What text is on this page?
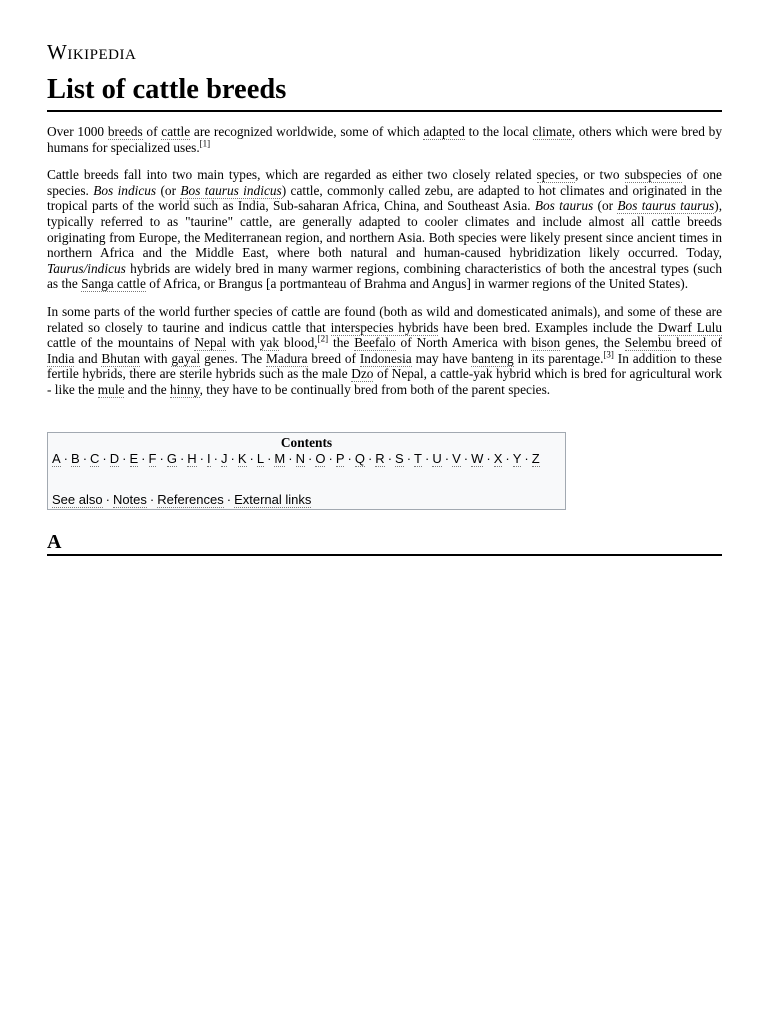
Wikipedia
List of cattle breeds

Over 1000 breeds of cattle are recognized worldwide, some of which adapted to the local climate, others which were bred by humans for specialized uses.[1]

Cattle breeds fall into two main types, which are regarded as either two closely related species, or two subspecies of one species. Bos indicus (or Bos taurus indicus) cattle, commonly called zebu, are adapted to hot climates and originated in the tropical parts of the world such as India, Sub-saharan Africa, China, and Southeast Asia. Bos taurus (or Bos taurus taurus), typically referred to as "taurine" cattle, are generally adapted to cooler climates and include almost all cattle breeds originating from Europe, the Mediterranean region, and northern Asia. Both species were likely present since ancient times in northern Africa and the Middle East, where both natural and human-caused hybridization likely occurred. Today, Taurus/indicus hybrids are widely bred in many warmer regions, combining characteristics of both the ancestral types (such as the Sanga cattle of Africa, or Brangus [a portmanteau of Brahma and Angus] in warmer regions of the United States).

In some parts of the world further species of cattle are found (both as wild and domesticated animals), and some of these are related so closely to taurine and indicus cattle that interspecies hybrids have been bred. Examples include the Dwarf Lulu cattle of the mountains of Nepal with yak blood,[2] the Beefalo of North America with bison genes, the Selembu breed of India and Bhutan with gayal genes. The Madura breed of Indonesia may have banteng in its parentage.[3] In addition to these fertile hybrids, there are sterile hybrids such as the male Dzo of Nepal, a cattle-yak hybrid which is bred for agricultural work - like the mule and the hinny, they have to be continually bred from both of the parent species.

Contents
A · B · C · D · E · F · G · H · I · J · K · L · M · N · O · P · Q · R · S · T · U · V · W · X · Y · Z
See also · Notes · References · External links
A
